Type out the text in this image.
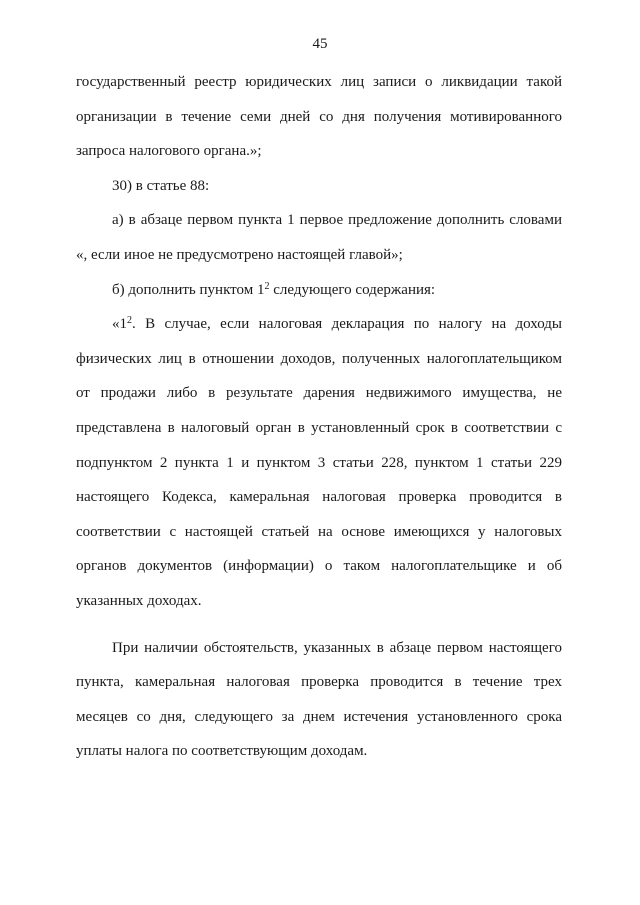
45
государственный реестр юридических лиц записи о ликвидации такой
организации в течение семи дней со дня получения мотивированного
запроса налогового органа.»;
30) в статье 88:
а) в абзаце первом пункта 1 первое предложение дополнить словами
«, если иное не предусмотрено настоящей главой»;
б) дополнить пунктом $1^2$ следующего содержания:
«$1^2$. В случае, если налоговая декларация по налогу на доходы
физических лиц в отношении доходов, полученных налогоплательщиком
от продажи либо в результате дарения недвижимого имущества, не
представлена в налоговый орган в установленный срок в соответствии с
подпунктом 2 пункта 1 и пунктом 3 статьи 228, пунктом 1 статьи 229
настоящего Кодекса, камеральная налоговая проверка проводится в
соответствии с настоящей статьей на основе имеющихся у налоговых
органов документов (информации) о таком налогоплательщике и об
указанных доходах.
При наличии обстоятельств, указанных в абзаце первом настоящего
пункта, камеральная налоговая проверка проводится в течение трех
месяцев со дня, следующего за днем истечения установленного срока
уплаты налога по соответствующим доходам.
